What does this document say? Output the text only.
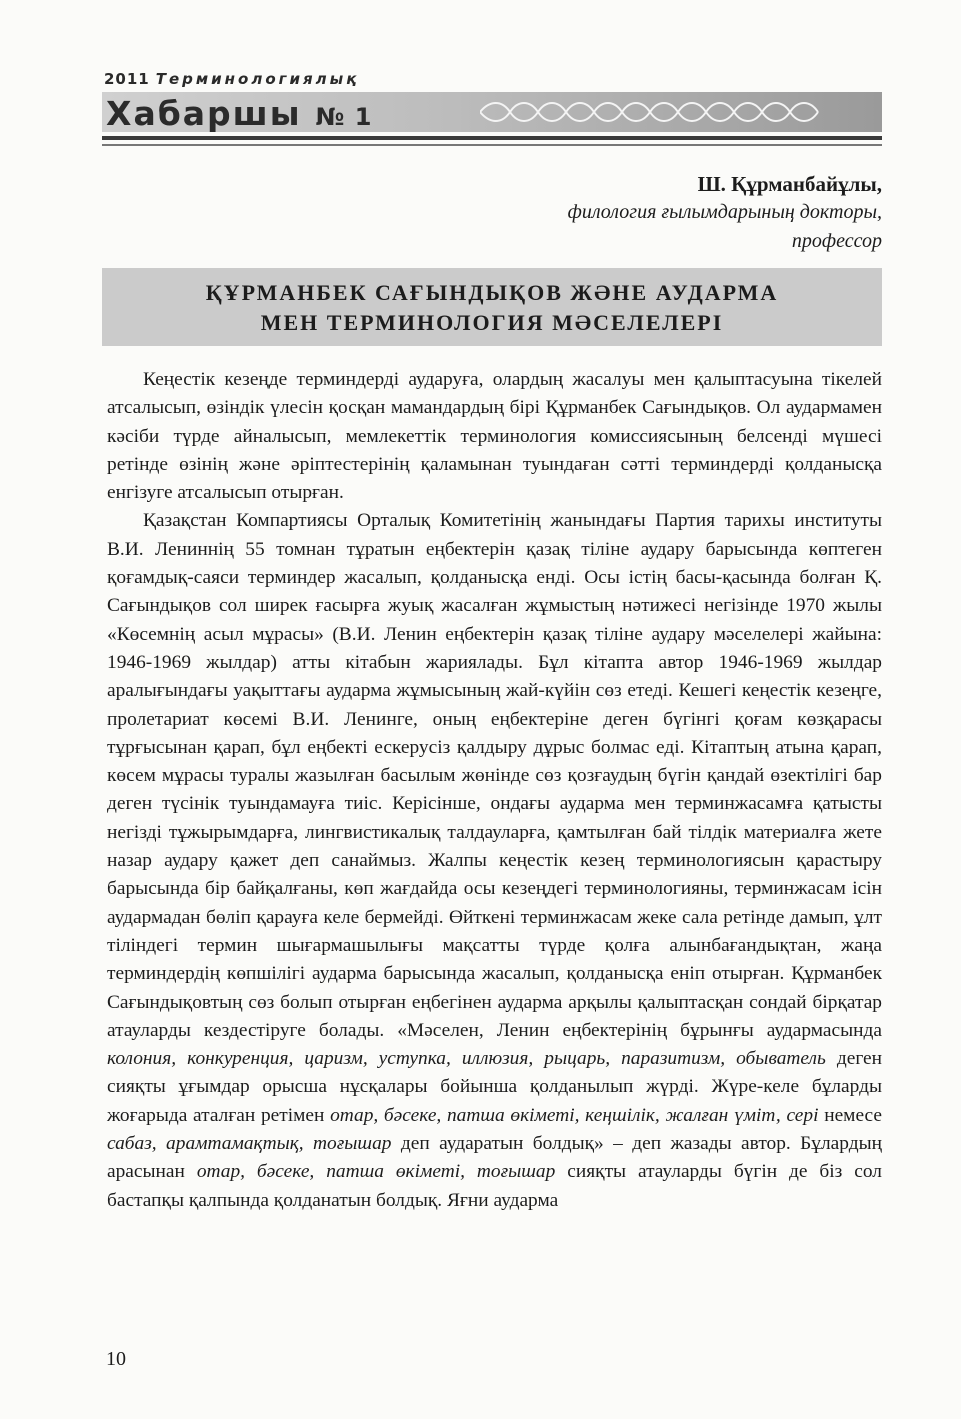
2011 Терминологиялық
Хабаршы № 1
Ш. Құрманбайұлы,
филология ғылымдарының докторы,
профессор
ҚҰРМАНБЕК САҒЫНДЫҚОВ ЖӘНЕ АУДАРМА
МЕН ТЕРМИНОЛОГИЯ МӘСЕЛЕЛЕРІ

Кеңестік кезеңде терминдерді аударуға, олардың жасалуы мен қалыптасуына тікелей атсалысып, өзіндік үлесін қосқан мамандардың бірі Құрманбек Сағындықов. Ол аудармамен кәсіби түрде айналысып, мемлекеттік терминология комиссиясының белсенді мүшесі ретінде өзінің және әріптестерінің қаламынан туындаған сәтті терминдерді қолданысқа енгізуге атсалысып отырған.

Қазақстан Компартиясы Орталық Комитетінің жанындағы Партия тарихы институты В.И. Лениннің 55 томнан тұратын еңбектерін қазақ тіліне аудару барысында көптеген қоғамдық-саяси терминдер жасалып, қолданысқа енді. Осы істің басы-қасында болған Қ. Сағындықов сол ширек ғасырға жуық жасалған жұмыстың нәтижесі негізінде 1970 жылы «Көсемнің асыл мұрасы» (В.И. Ленин еңбектерін қазақ тіліне аудару мәселелері жайына: 1946-1969 жылдар) атты кітабын жариялады. Бұл кітапта автор 1946-1969 жылдар аралығындағы уақыттағы аударма жұмысының жай-күйін сөз етеді. Кешегі кеңестік кезеңге, пролетариат көсемі В.И. Ленинге, оның еңбектеріне деген бүгінгі қоғам көзқарасы тұрғысынан қарап, бұл еңбекті ескерусіз қалдыру дұрыс болмас еді. Кітаптың атына қарап, көсем мұрасы туралы жазылған басылым жөнінде сөз қозғаудың бүгін қандай өзектілігі бар деген түсінік туындамауға тиіс. Керісінше, ондағы аударма мен терминжасамға қатысты негізді тұжырымдарға, лингвистикалық талдауларға, қамтылған бай тілдік материалға жете назар аудару қажет деп санаймыз. Жалпы кеңестік кезең терминологиясын қарастыру барысында бір байқалғаны, көп жағдайда осы кезеңдегі терминологияны, терминжасам ісін аудармадан бөліп қарауға келе бермейді. Өйткені терминжасам жеке сала ретінде дамып, ұлт тіліндегі термин шығармашылығы мақсатты түрде қолға алынбағандықтан, жаңа терминдердің көпшілігі аударма барысында жасалып, қолданысқа еніп отырған. Құрманбек Сағындықовтың сөз болып отырған еңбегінен аударма арқылы қалыптасқан сондай бірқатар атауларды кездестіруге болады. «Мәселен, Ленин еңбектерінің бұрынғы аудармасында колония, конкуренция, царизм, уступка, иллюзия, рыцарь, паразитизм, обыватель деген сияқты ұғымдар орысша нұсқалары бойынша қолданылып жүрді. Жүре-келе бұларды жоғарыда аталған ретімен отар, бәсеке, патша өкіметі, кеңшілік, жалған үміт, сері немесе сабаз, арамтамақтық, тоғышар деп аударатын болдық» – деп жазады автор. Бұлардың арасынан отар, бәсеке, патша өкіметі, тоғышар сияқты атауларды бүгін де біз сол бастапқы қалпында қолданатын болдық. Яғни аударма

10
